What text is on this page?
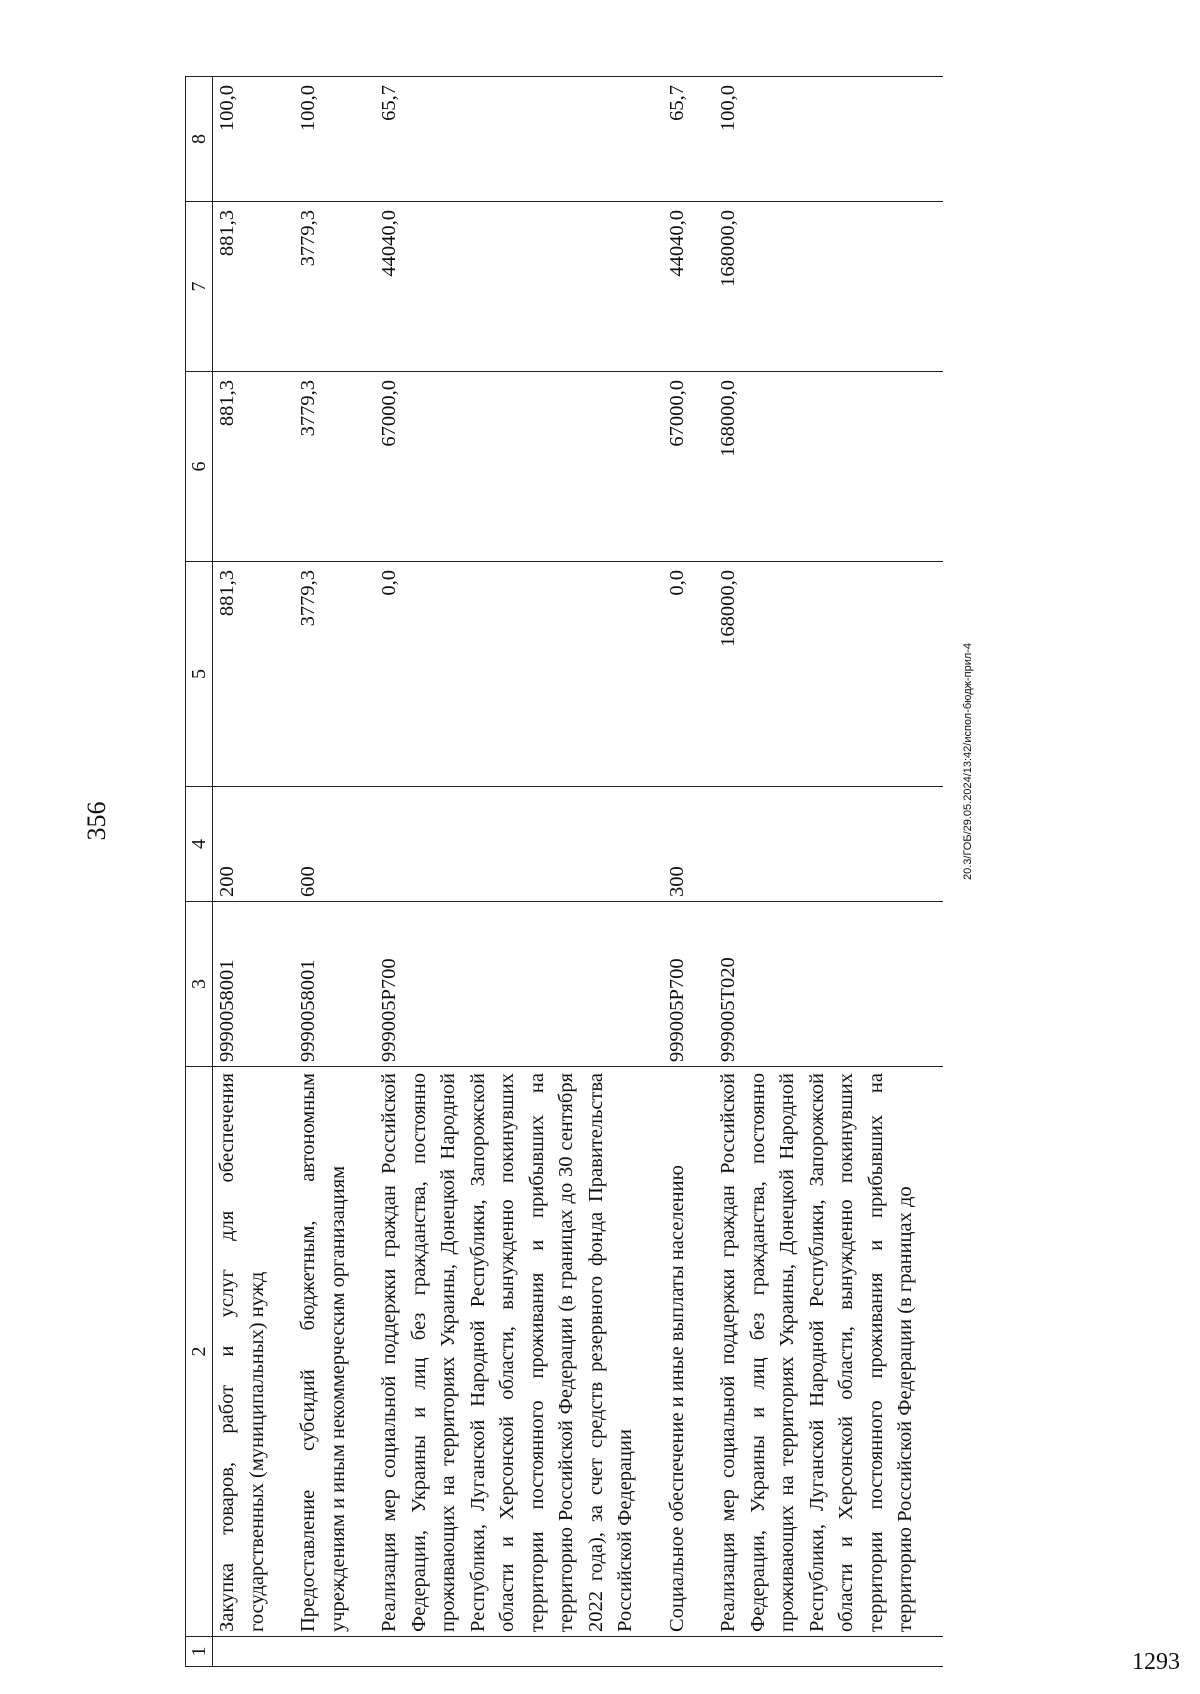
356
1	2	3	4	5	6	7	8
	Закупка товаров, работ и услуг для обеспечения государственных (муниципальных) нужд	9990058001	200	881,3	881,3	881,3	100,0
	Предоставление субсидий бюджетным, автономным учреждениям и иным некоммерческим организациям	9990058001	600	3779,3	3779,3	3779,3	100,0
	Реализация мер социальной поддержки граждан Российской Федерации, Украины и лиц без гражданства, постоянно проживающих на территориях Украины, Донецкой Народной Республики, Луганской Народной Республики, Запорожской области и Херсонской области, вынужденно покинувших территории постоянного проживания и прибывших на территорию Российской Федерации (в границах до 30 сентября 2022 года), за счет средств резервного фонда Правительства Российской Федерации	999005Р700		0,0	67000,0	44040,0	65,7
	Социальное обеспечение и иные выплаты населению	999005Р700	300	0,0	67000,0	44040,0	65,7
	Реализация мер социальной поддержки граждан Российской Федерации, Украины и лиц без гражданства, постоянно проживающих на территориях Украины, Донецкой Народной Республики, Луганской Народной Республики, Запорожской области и Херсонской области, вынужденно покинувших территории постоянного проживания и прибывших на территорию Российской Федерации (в границах до	999005Т020		168000,0	168000,0	168000,0	100,0
20.3/ГОБ/29.05.2024/13:42/испол-бюдж-прил-4
1293
